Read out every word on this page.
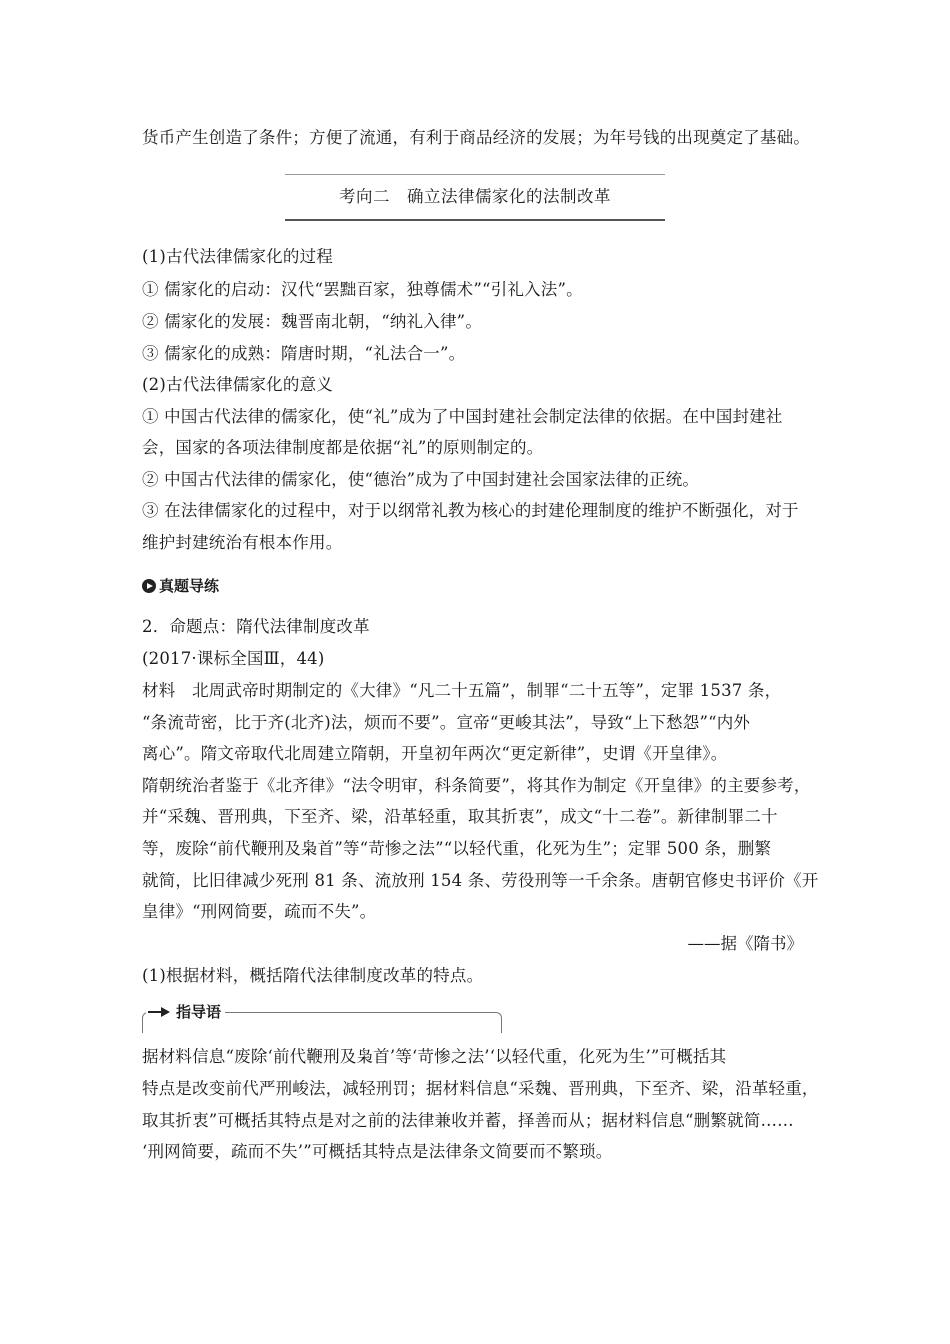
货币产生创造了条件；方便了流通，有利于商品经济的发展；为年号钱的出现奠定了基础。
考向二　确立法律儒家化的法制改革
(1)古代法律儒家化的过程
① 儒家化的启动：汉代“罢黜百家，独尊儒术”“引礼入法”。
② 儒家化的发展：魏晋南北朝，“纳礼入律”。
③ 儒家化的成熟：隋唐时期，“礼法合一”。
(2)古代法律儒家化的意义
① 中国古代法律的儒家化，使“礼”成为了中国封建社会制定法律的依据。在中国封建社
会，国家的各项法律制度都是依据“礼”的原则制定的。
② 中国古代法律的儒家化，使“德治”成为了中国封建社会国家法律的正统。
③ 在法律儒家化的过程中，对于以纲常礼教为核心的封建伦理制度的维护不断强化，对于
维护封建统治有根本作用。
真题导练
2．命题点：隋代法律制度改革
(2017·课标全国Ⅲ，44)
材料　北周武帝时期制定的《大律》“凡二十五篇”，制罪“二十五等”，定罪 1537 条，
“条流苛密，比于齐(北齐)法，烦而不要”。宣帝“更峻其法”，导致“上下愁怨”“内外
离心”。隋文帝取代北周建立隋朝，开皇初年两次“更定新律”，史谓《开皇律》。
隋朝统治者鉴于《北齐律》“法令明审，科条简要”，将其作为制定《开皇律》的主要参考，
并“采魏、晋刑典，下至齐、梁，沿革轻重，取其折衷”，成文“十二卷”。新律制罪二十
等，废除“前代鞭刑及枭首”等“苛惨之法”“以轻代重，化死为生”；定罪 500 条，删繁
就简，比旧律减少死刑 81 条、流放刑 154 条、劳役刑等一千余条。唐朝官修史书评价《开
皇律》“刑网简要，疏而不失”。
——据《隋书》
(1)根据材料，概括隋代法律制度改革的特点。
指导语
据材料信息“废除‘前代鞭刑及枭首’等‘苛惨之法’‘以轻代重，化死为生’”可概括其
特点是改变前代严刑峻法，减轻刑罚；据材料信息“采魏、晋刑典，下至齐、梁，沿革轻重，
取其折衷”可概括其特点是对之前的法律兼收并蓄，择善而从；据材料信息“删繁就简……
‘刑网简要，疏而不失’”可概括其特点是法律条文简要而不繁琐。
